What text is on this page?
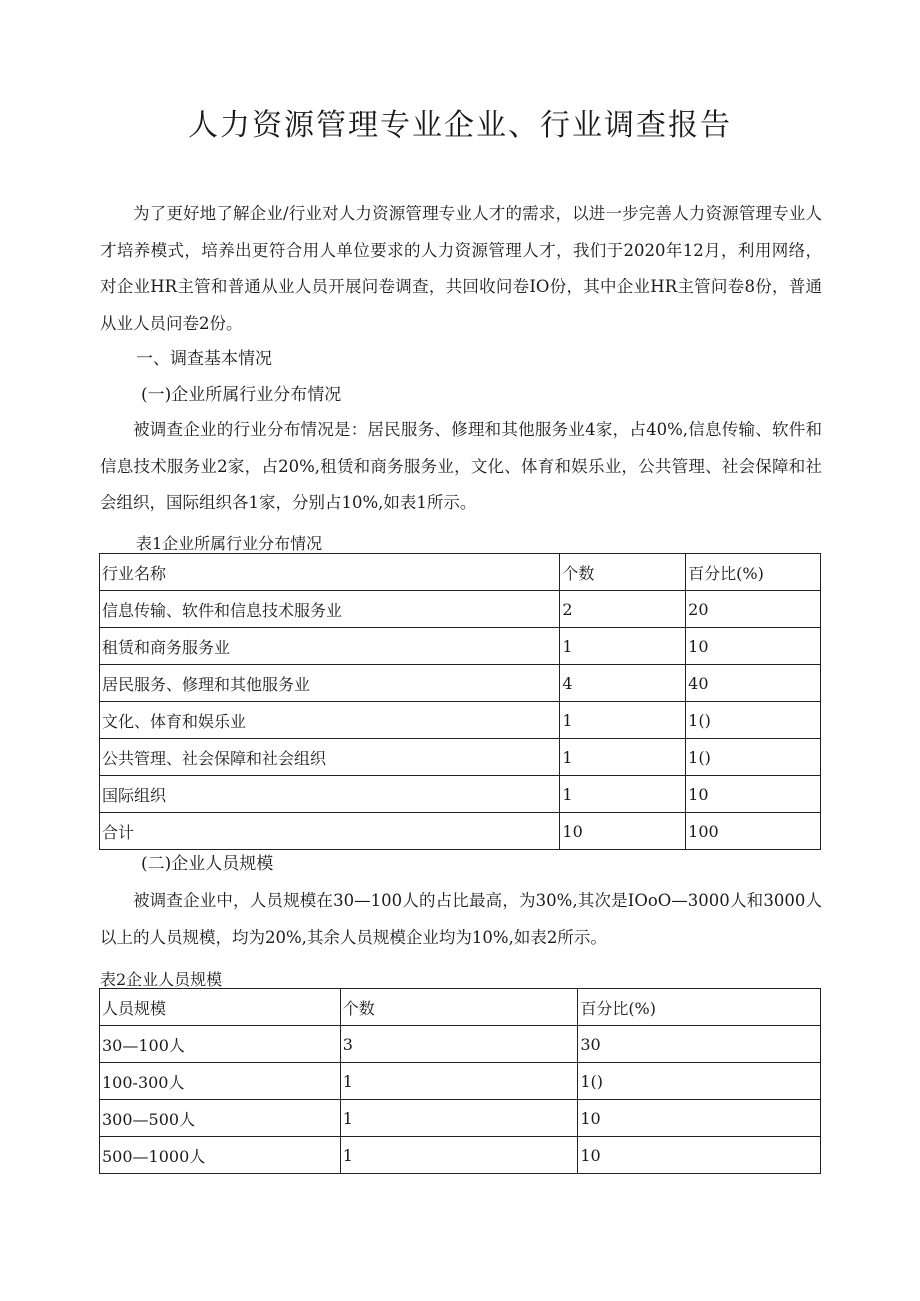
人力资源管理专业企业、行业调查报告

为了更好地了解企业/行业对人力资源管理专业人才的需求，以进一步完善人力资源管理专业人才培养模式，培养出更符合用人单位要求的人力资源管理人才，我们于2020年12月，利用网络，对企业HR主管和普通从业人员开展问卷调查，共回收问卷IO份，其中企业HR主管问卷8份，普通从业人员问卷2份。

一、调查基本情况

(一)企业所属行业分布情况

被调查企业的行业分布情况是：居民服务、修理和其他服务业4家，占40%,信息传输、软件和信息技术服务业2家，占20%,租赁和商务服务业，文化、体育和娱乐业，公共管理、社会保障和社会组织，国际组织各1家，分别占10%,如表1所示。

表1企业所属行业分布情况

行业名称	个数	百分比(%)
信息传输、软件和信息技术服务业	2	20
租赁和商务服务业	1	10
居民服务、修理和其他服务业	4	40
文化、体育和娱乐业	1	1()
公共管理、社会保障和社会组织	1	1()
国际组织	1	10
合计	10	100

(二)企业人员规模

被调查企业中，人员规模在30—100人的占比最高，为30%,其次是IOoO—3000人和3000人以上的人员规模，均为20%,其余人员规模企业均为10%,如表2所示。

表2企业人员规模

人员规模	个数	百分比(%)
30—100人	3	30
100-300人	1	1()
300—500人	1	10
500—1000人	1	10
